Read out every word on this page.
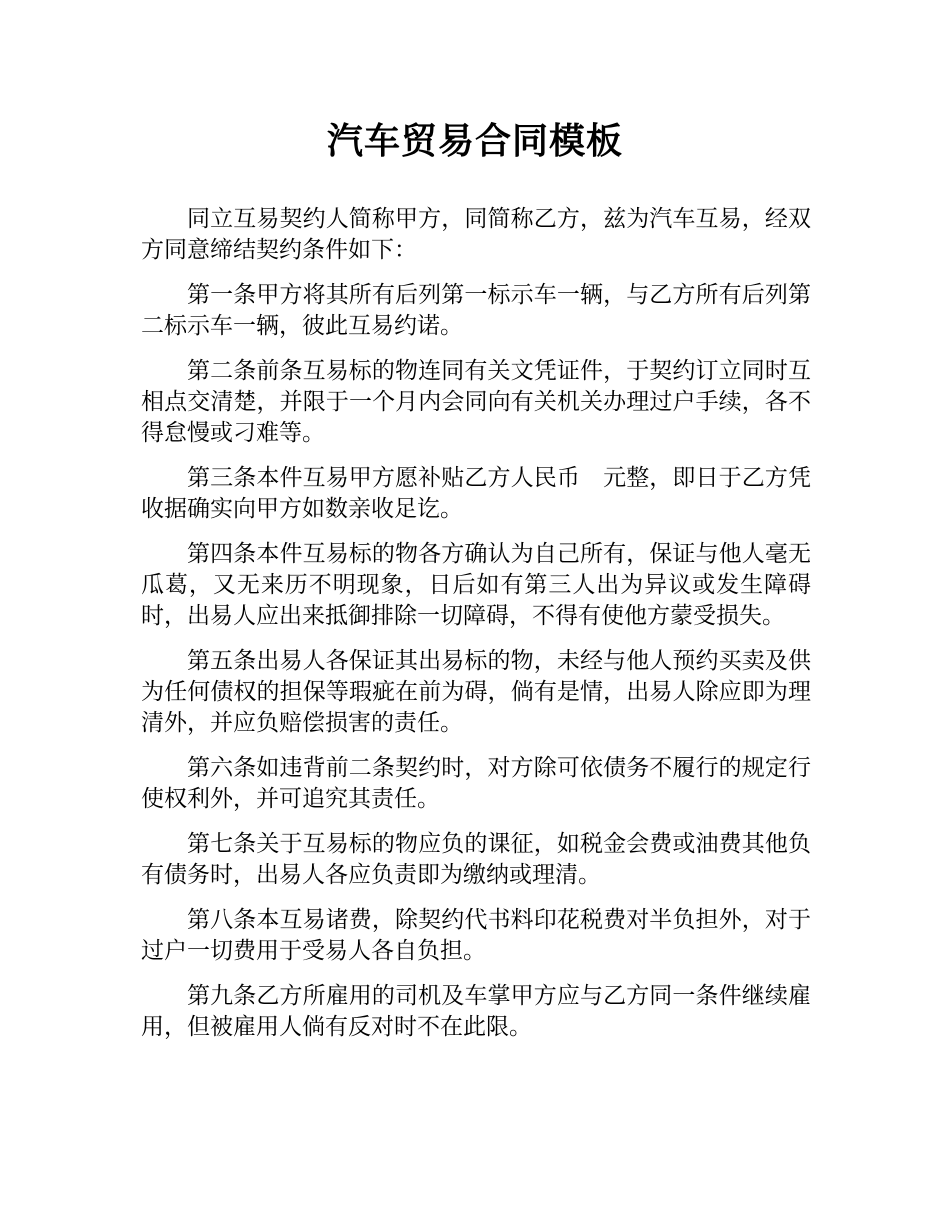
汽车贸易合同模板

同立互易契约人简称甲方，同简称乙方，兹为汽车互易，经双方同意缔结契约条件如下：

第一条甲方将其所有后列第一标示车一辆，与乙方所有后列第二标示车一辆，彼此互易约诺。

第二条前条互易标的物连同有关文凭证件，于契约订立同时互相点交清楚，并限于一个月内会同向有关机关办理过户手续，各不得怠慢或刁难等。

第三条本件互易甲方愿补贴乙方人民币　元整，即日于乙方凭收据确实向甲方如数亲收足讫。

第四条本件互易标的物各方确认为自己所有，保证与他人毫无瓜葛，又无来历不明现象，日后如有第三人出为异议或发生障碍时，出易人应出来抵御排除一切障碍，不得有使他方蒙受损失。

第五条出易人各保证其出易标的物，未经与他人预约买卖及供为任何债权的担保等瑕疵在前为碍，倘有是情，出易人除应即为理清外，并应负赔偿损害的责任。

第六条如违背前二条契约时，对方除可依债务不履行的规定行使权利外，并可追究其责任。

第七条关于互易标的物应负的课征，如税金会费或油费其他负有债务时，出易人各应负责即为缴纳或理清。

第八条本互易诸费，除契约代书料印花税费对半负担外，对于过户一切费用于受易人各自负担。

第九条乙方所雇用的司机及车掌甲方应与乙方同一条件继续雇用，但被雇用人倘有反对时不在此限。
